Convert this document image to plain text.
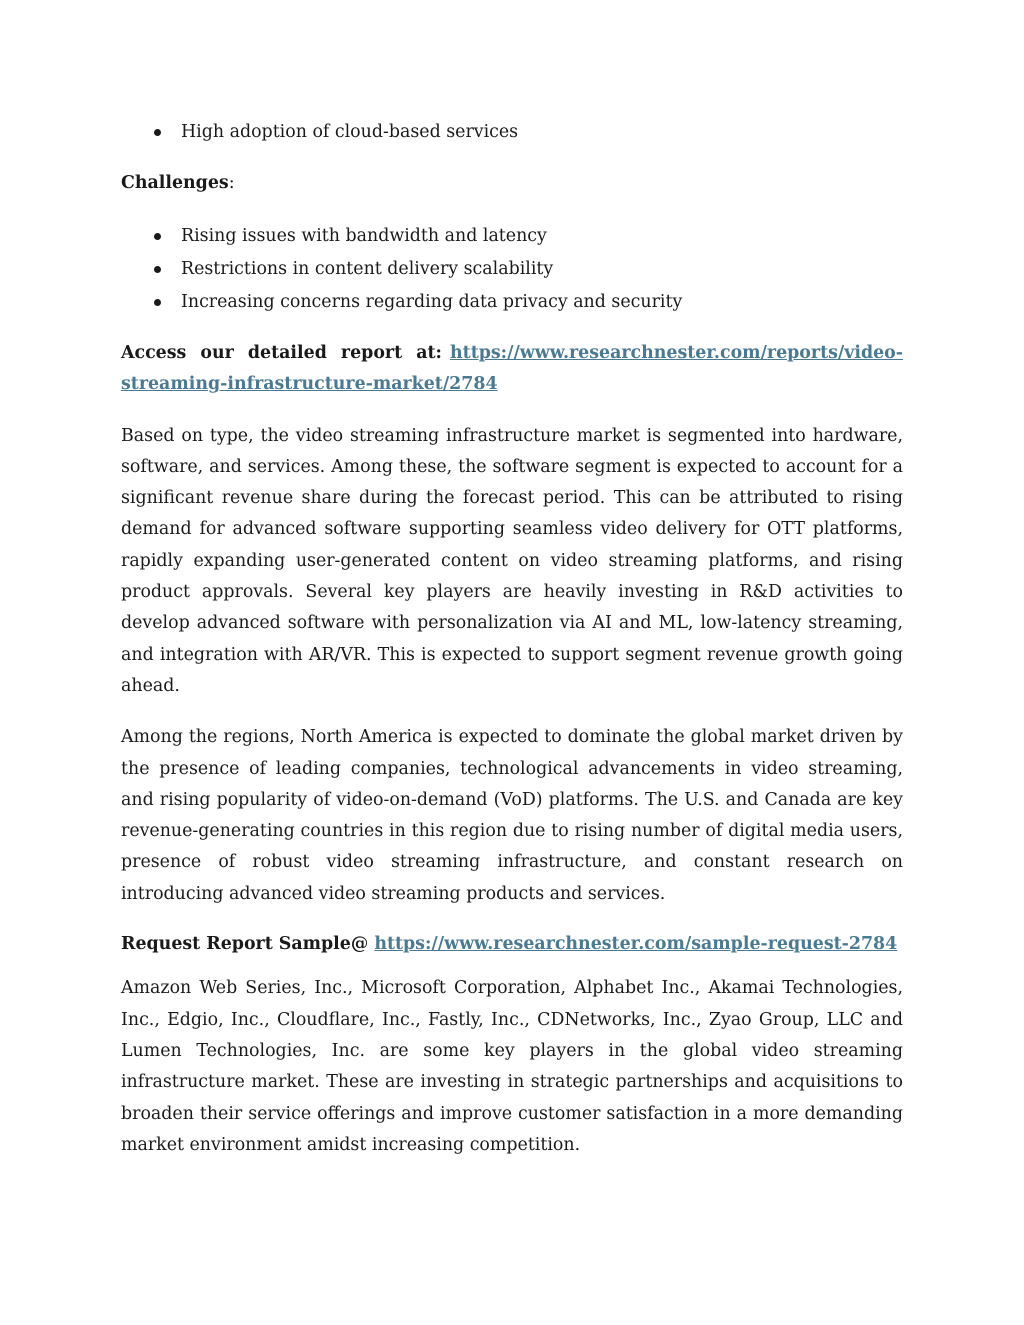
High adoption of cloud-based services
Challenges:
Rising issues with bandwidth and latency
Restrictions in content delivery scalability
Increasing concerns regarding data privacy and security
Access our detailed report at: https://www.researchnester.com/reports/video-streaming-infrastructure-market/2784

Based on type, the video streaming infrastructure market is segmented into hardware, software, and services. Among these, the software segment is expected to account for a significant revenue share during the forecast period. This can be attributed to rising demand for advanced software supporting seamless video delivery for OTT platforms, rapidly expanding user-generated content on video streaming platforms, and rising product approvals. Several key players are heavily investing in R&D activities to develop advanced software with personalization via AI and ML, low-latency streaming, and integration with AR/VR. This is expected to support segment revenue growth going ahead.

Among the regions, North America is expected to dominate the global market driven by the presence of leading companies, technological advancements in video streaming, and rising popularity of video-on-demand (VoD) platforms. The U.S. and Canada are key revenue-generating countries in this region due to rising number of digital media users, presence of robust video streaming infrastructure, and constant research on introducing advanced video streaming products and services.

Request Report Sample@ https://www.researchnester.com/sample-request-2784

Amazon Web Series, Inc., Microsoft Corporation, Alphabet Inc., Akamai Technologies, Inc., Edgio, Inc., Cloudflare, Inc., Fastly, Inc., CDNetworks, Inc., Zyao Group, LLC and Lumen Technologies, Inc. are some key players in the global video streaming infrastructure market. These are investing in strategic partnerships and acquisitions to broaden their service offerings and improve customer satisfaction in a more demanding market environment amidst increasing competition.
